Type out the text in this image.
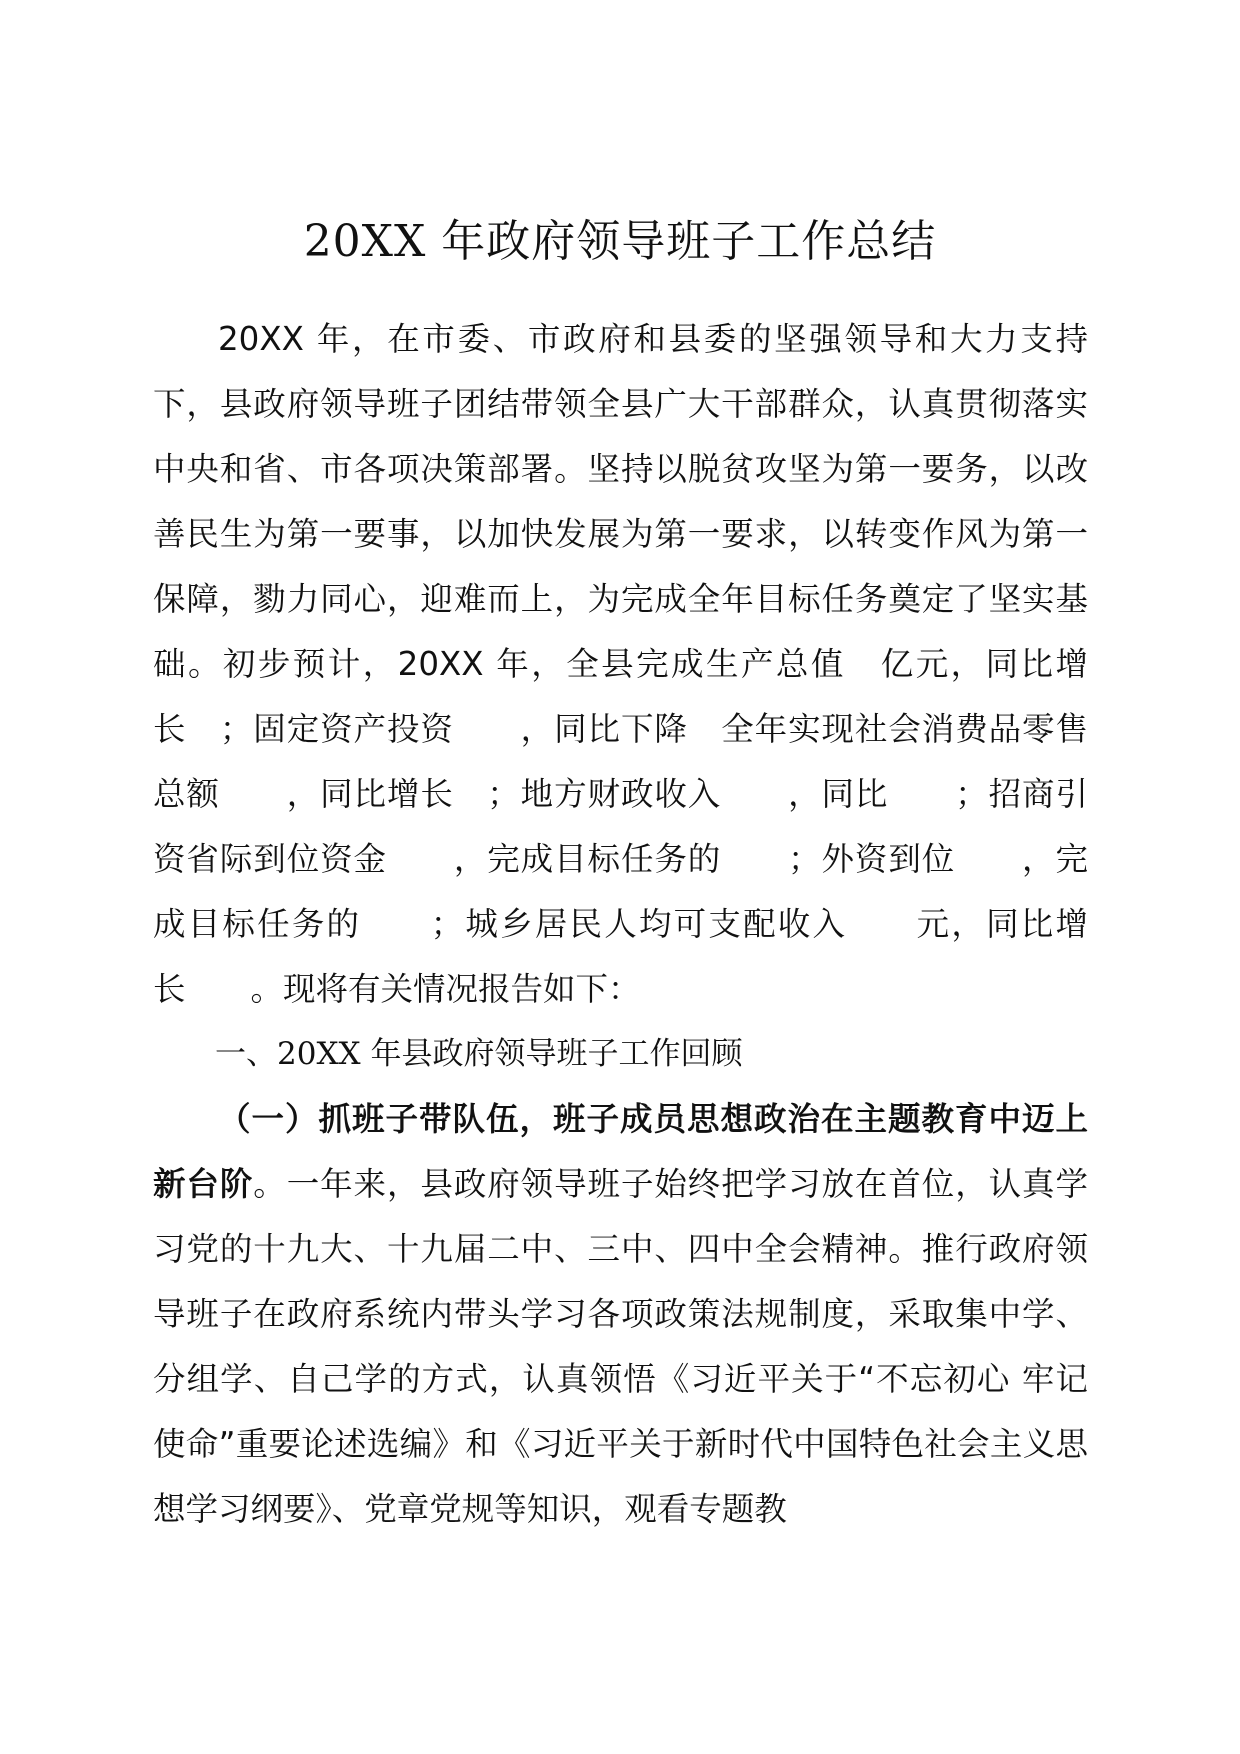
20XX 年政府领导班子工作总结

20XX 年，在市委、市政府和县委的坚强领导和大力支持下，县政府领导班子团结带领全县广大干部群众，认真贯彻落实中央和省、市各项决策部署。坚持以脱贫攻坚为第一要务，以改善民生为第一要事，以加快发展为第一要求，以转变作风为第一保障，勠力同心，迎难而上，为完成全年目标任务奠定了坚实基础。初步预计，20XX 年，全县完成生产总值　亿元，同比增长　；固定资产投资　　，同比下降　全年实现社会消费品零售总额　　，同比增长　；地方财政收入　　，同比　　；招商引资省际到位资金　　，完成目标任务的　　；外资到位　　，完成目标任务的　　；城乡居民人均可支配收入　　元，同比增长　　。现将有关情况报告如下：

一、20XX 年县政府领导班子工作回顾

（一）抓班子带队伍，班子成员思想政治在主题教育中迈上新台阶。一年来，县政府领导班子始终把学习放在首位，认真学习党的十九大、十九届二中、三中、四中全会精神。推行政府领导班子在政府系统内带头学习各项政策法规制度，采取集中学、分组学、自己学的方式，认真领悟《习近平关于“不忘初心 牢记使命”重要论述选编》和《习近平关于新时代中国特色社会主义思想学习纲要》、党章党规等知识，观看专题教
